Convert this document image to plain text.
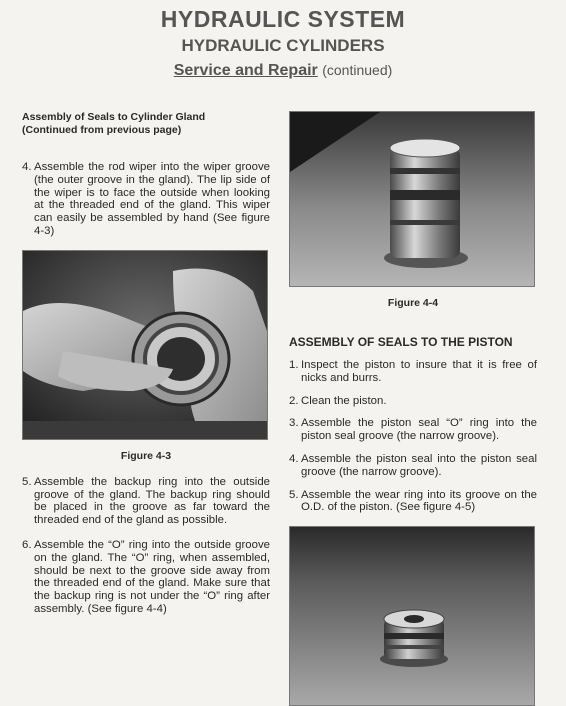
HYDRAULIC SYSTEM
HYDRAULIC CYLINDERS
Service and Repair (continued)
Assembly of Seals to Cylinder Gland
(Continued from previous page)
4. Assemble the rod wiper into the wiper groove (the outer groove in the gland). The lip side of the wiper is to face the outside when looking at the threaded end of the gland. This wiper can easily be assembled by hand (See figure 4-3)
Figure 4-3
5. Assemble the backup ring into the outside groove of the gland. The backup ring should be placed in the groove as far toward the threaded end of the gland as possible.
6. Assemble the “O” ring into the outside groove on the gland. The “O” ring, when assembled, should be next to the groove side away from the threaded end of the gland. Make sure that the backup ring is not under the “O” ring after assembly. (See figure 4-4)
Figure 4-4
ASSEMBLY OF SEALS TO THE PISTON
1. Inspect the piston to insure that it is free of nicks and burrs.
2. Clean the piston.
3. Assemble the piston seal “O” ring into the piston seal groove (the narrow groove).
4. Assemble the piston seal into the piston seal groove (the narrow groove).
5. Assemble the wear ring into its groove on the O.D. of the piston. (See figure 4-5)
